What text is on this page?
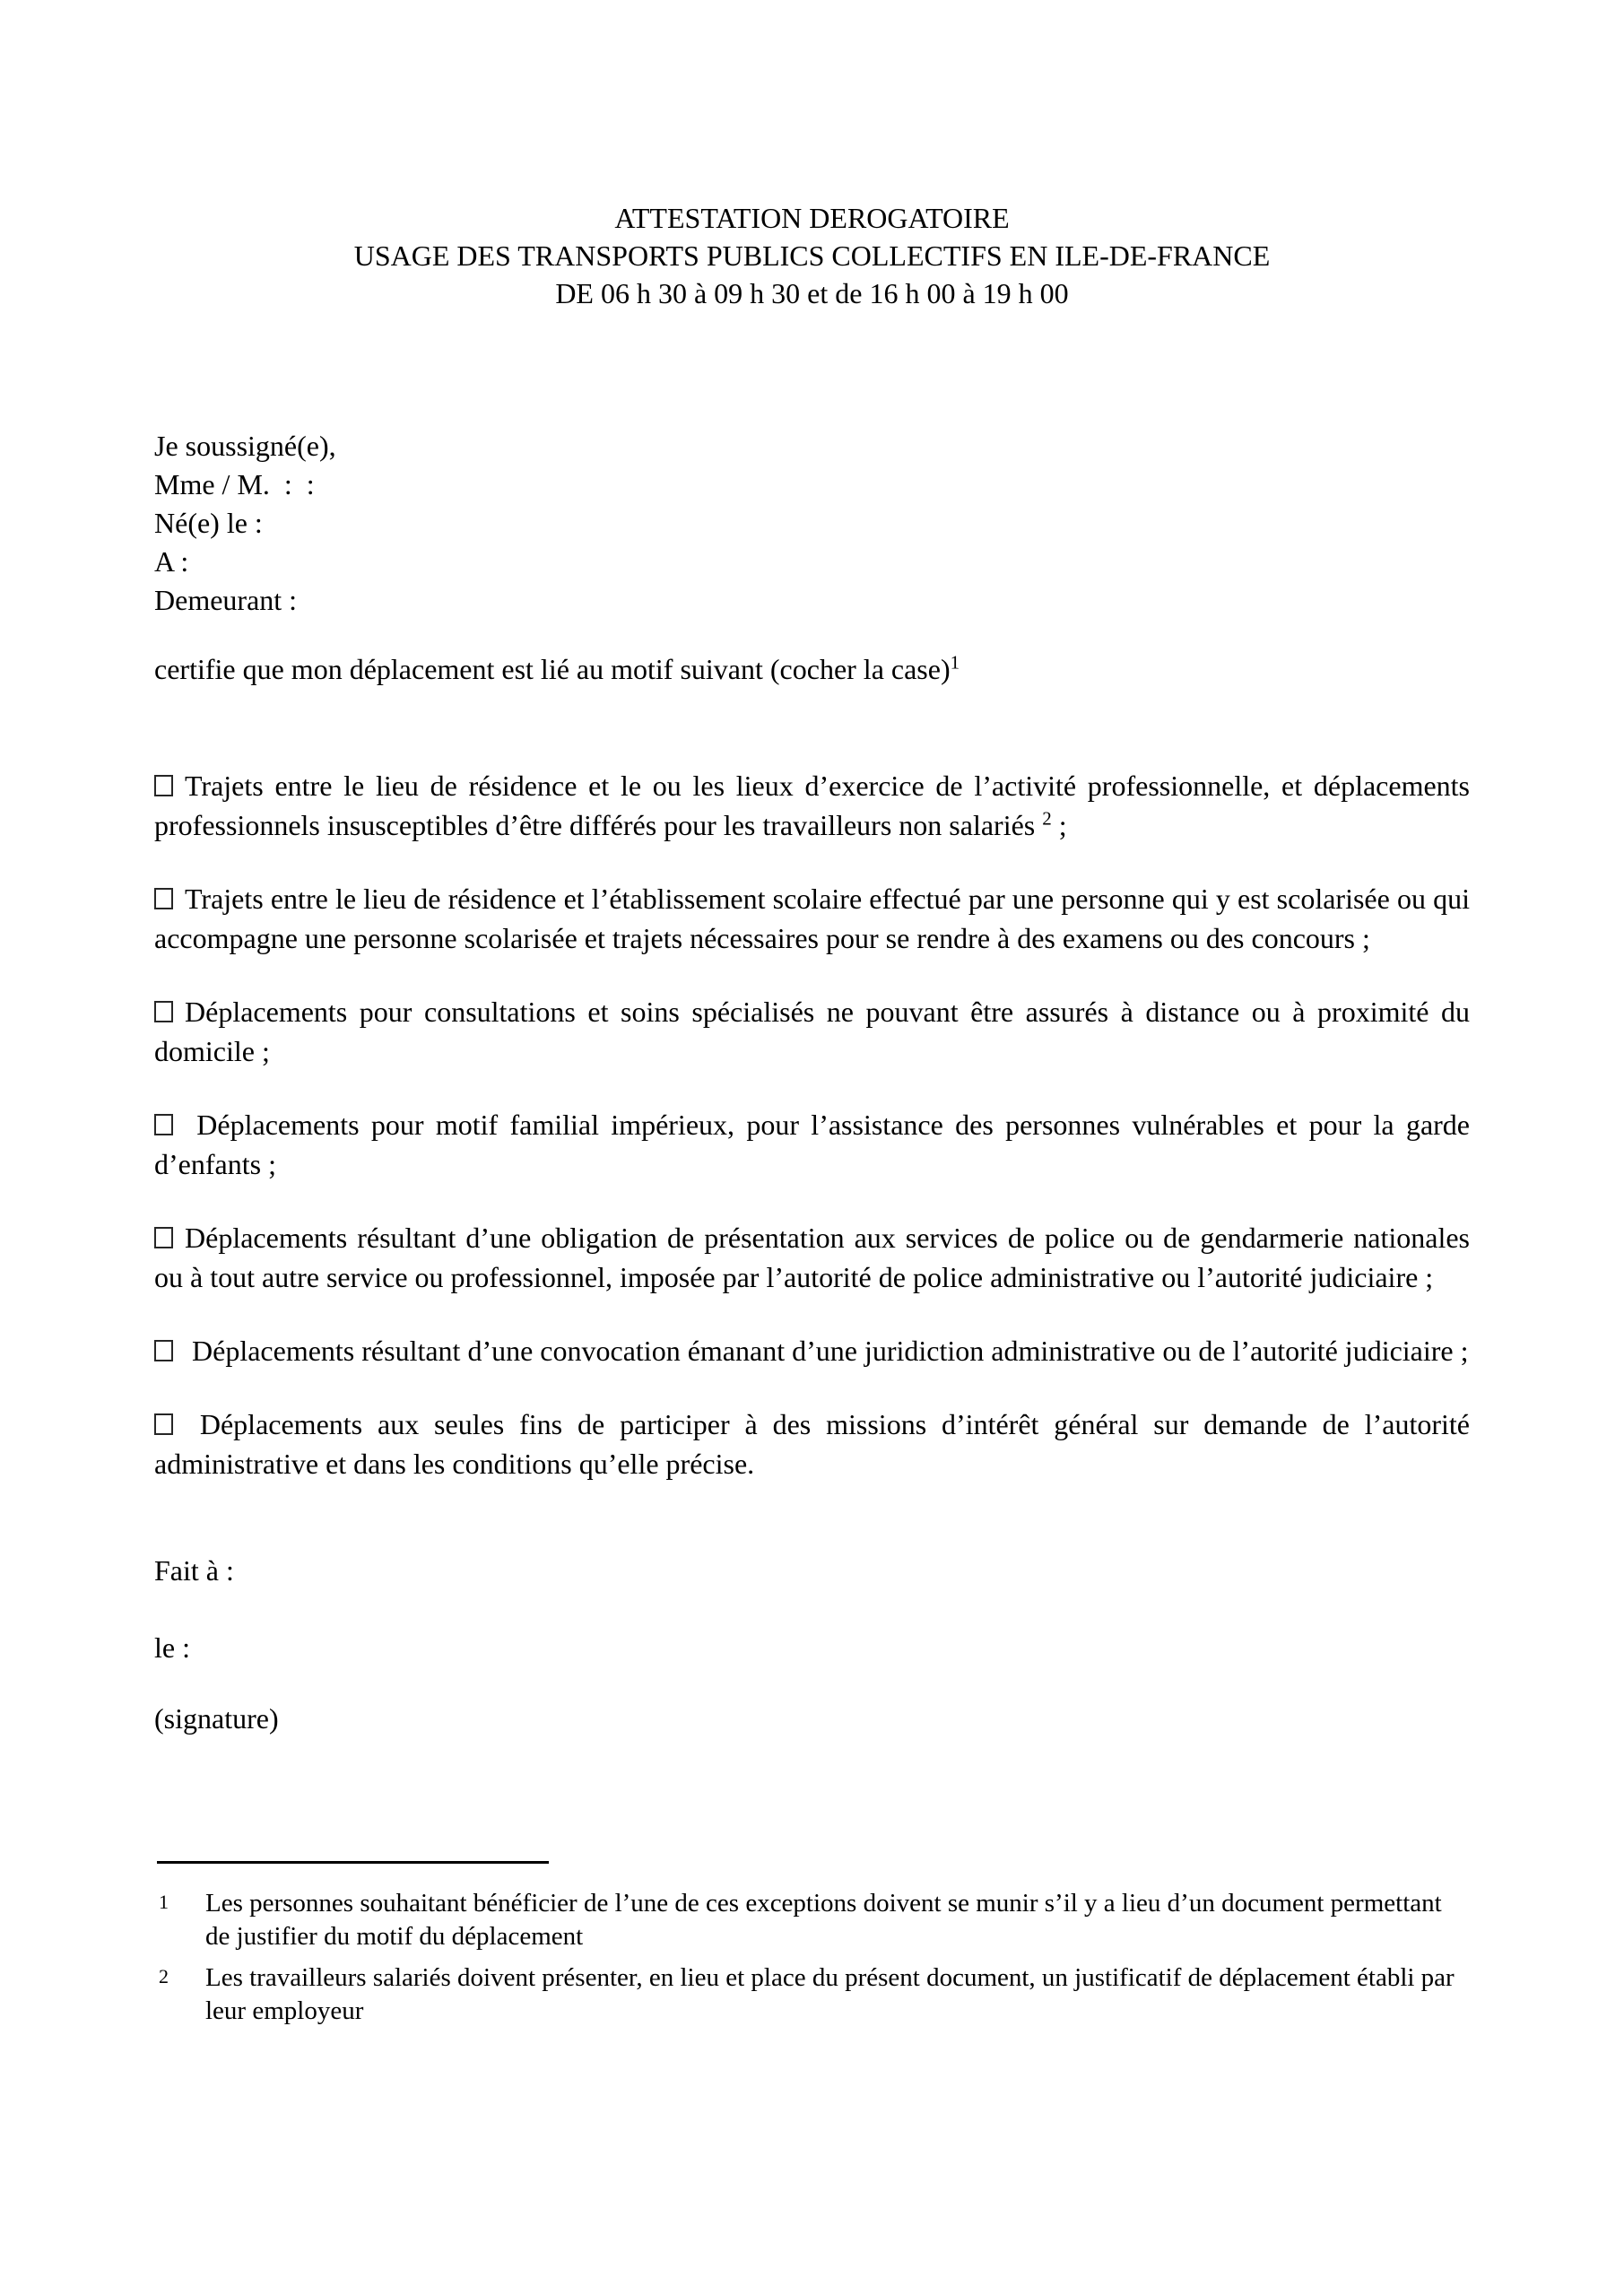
ATTESTATION DEROGATOIRE
USAGE DES TRANSPORTS PUBLICS COLLECTIFS EN ILE-DE-FRANCE
DE 06 h 30 à 09 h 30 et de 16 h 00 à 19 h 00
Je soussigné(e),
Mme / M.  :  :
Né(e) le :
A :
Demeurant :

certifie que mon déplacement est lié au motif suivant (cocher la case)$^1$

Trajets entre le lieu de résidence et le ou les lieux d’exercice de l’activité professionnelle, et déplacements professionnels insusceptibles d’être différés pour les travailleurs non salariés $^2$ ;

Trajets entre le lieu de résidence et l’établissement scolaire effectué par une personne qui y est scolarisée ou qui accompagne une personne scolarisée et trajets nécessaires pour se rendre à des examens ou des concours ;

Déplacements pour consultations et soins spécialisés ne pouvant être assurés à distance ou à proximité du domicile ;

Déplacements pour motif familial impérieux, pour l’assistance des personnes vulnérables et pour la garde d’enfants ;

Déplacements résultant d’une obligation de présentation aux services de police ou de gendarmerie nationales ou à tout autre service ou professionnel, imposée par l’autorité de police administrative ou l’autorité judiciaire ;

Déplacements résultant d’une convocation émanant d’une juridiction administrative ou de l’autorité judiciaire ;

Déplacements aux seules fins de participer à des missions d’intérêt général sur demande de l’autorité administrative et dans les conditions qu’elle précise.

Fait à :

le :

(signature)

1 Les personnes souhaitant bénéficier de l’une de ces exceptions doivent se munir s’il y a lieu d’un document permettant de justifier du motif du déplacement
2 Les travailleurs salariés doivent présenter, en lieu et place du présent document, un justificatif de déplacement établi par leur employeur
